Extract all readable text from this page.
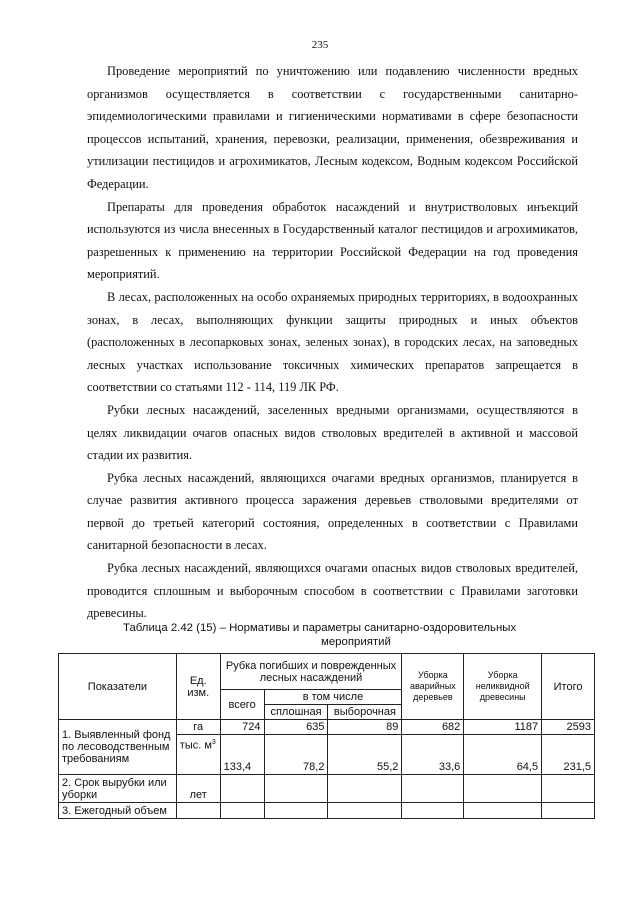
235

Проведение мероприятий по уничтожению или подавлению численности вредных организмов осуществляется в соответствии с государственными санитарно-эпидемиологическими правилами и гигиеническими нормативами в сфере безопасности процессов испытаний, хранения, перевозки, реализации, применения, обезвреживания и утилизации пестицидов и агрохимикатов, Лесным кодексом, Водным кодексом Российской Федерации.

Препараты для проведения обработок насаждений и внутристволовых инъекций используются из числа внесенных в Государственный каталог пестицидов и агрохимикатов, разрешенных к применению на территории Российской Федерации на год проведения мероприятий.

В лесах, расположенных на особо охраняемых природных территориях, в водоохранных зонах, в лесах, выполняющих функции защиты природных и иных объектов (расположенных в лесопарковых зонах, зеленых зонах), в городских лесах, на заповедных лесных участках использование токсичных химических препаратов запрещается в соответствии со статьями 112 - 114, 119 ЛК РФ.

Рубки лесных насаждений, заселенных вредными организмами, осуществляются в целях ликвидации очагов опасных видов стволовых вредителей в активной и массовой стадии их развития.

Рубка лесных насаждений, являющихся очагами вредных организмов, планируется в случае развития активного процесса заражения деревьев стволовыми вредителями от первой до третьей категорий состояния, определенных в соответствии с Правилами санитарной безопасности в лесах.

Рубка лесных насаждений, являющихся очагами опасных видов стволовых вредителей, проводится сплошным и выборочным способом в соответствии с Правилами заготовки древесины.

Таблица 2.42 (15) – Нормативы и параметры санитарно-оздоровительных
мероприятий
Показатели	Ед. изм.	Рубка погибших и поврежденных лесных насаждений			Уборка аварийных деревьев	Уборка неликвидной древесины	Итого
		всего	в том числе				
			сплошная	выборочная			
1. Выявленный фонд по лесоводственным требованиям	га	724	635	89	682	1187	2593
	тыс. $м^3$	133,4	78,2	55,2	33,6	64,5	231,5
2. Срок вырубки или уборки	лет						
3. Ежегодный объем							
